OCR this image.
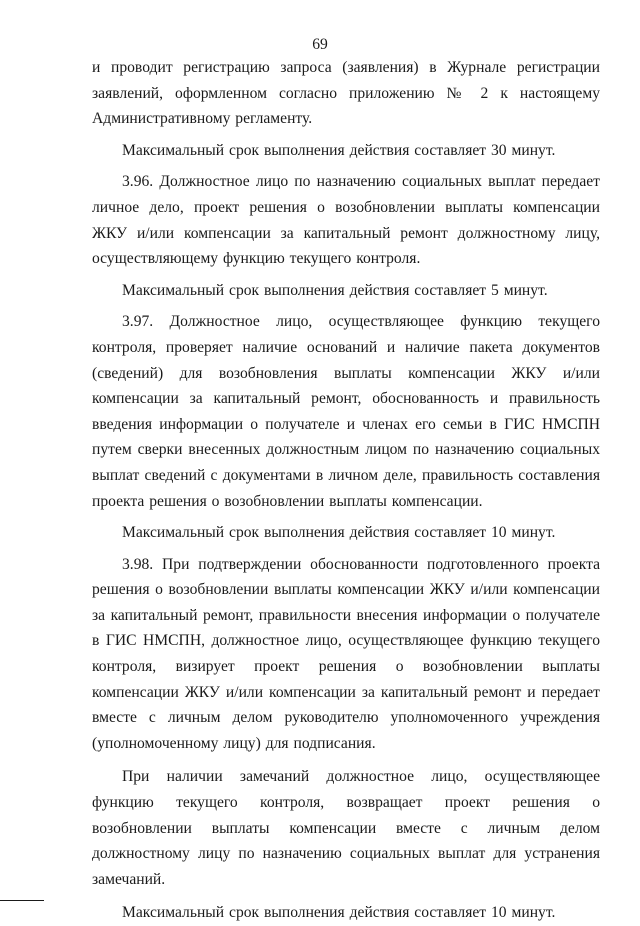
69

и проводит регистрацию запроса (заявления) в Журнале регистрации заявлений, оформленном согласно приложению № 2 к настоящему Административному регламенту.

Максимальный срок выполнения действия составляет 30 минут.

3.96. Должностное лицо по назначению социальных выплат передает личное дело, проект решения о возобновлении выплаты компенсации ЖКУ и/или компенсации за капитальный ремонт должностному лицу, осуществляющему функцию текущего контроля.

Максимальный срок выполнения действия составляет 5 минут.

3.97. Должностное лицо, осуществляющее функцию текущего контроля, проверяет наличие оснований и наличие пакета документов (сведений) для возобновления выплаты компенсации ЖКУ и/или компенсации за капитальный ремонт, обоснованность и правильность введения информации о получателе и членах его семьи в ГИС НМСПН путем сверки внесенных должностным лицом по назначению социальных выплат сведений с документами в личном деле, правильность составления проекта решения о возобновлении выплаты компенсации.

Максимальный срок выполнения действия составляет 10 минут.

3.98. При подтверждении обоснованности подготовленного проекта решения о возобновлении выплаты компенсации ЖКУ и/или компенсации за капитальный ремонт, правильности внесения информации о получателе в ГИС НМСПН, должностное лицо, осуществляющее функцию текущего контроля, визирует проект решения о возобновлении выплаты компенсации ЖКУ и/или компенсации за капитальный ремонт и передает вместе с личным делом руководителю уполномоченного учреждения (уполномоченному лицу) для подписания.

При наличии замечаний должностное лицо, осуществляющее функцию текущего контроля, возвращает проект решения о возобновлении выплаты компенсации вместе с личным делом должностному лицу по назначению социальных выплат для устранения замечаний.

Максимальный срок выполнения действия составляет 10 минут.
